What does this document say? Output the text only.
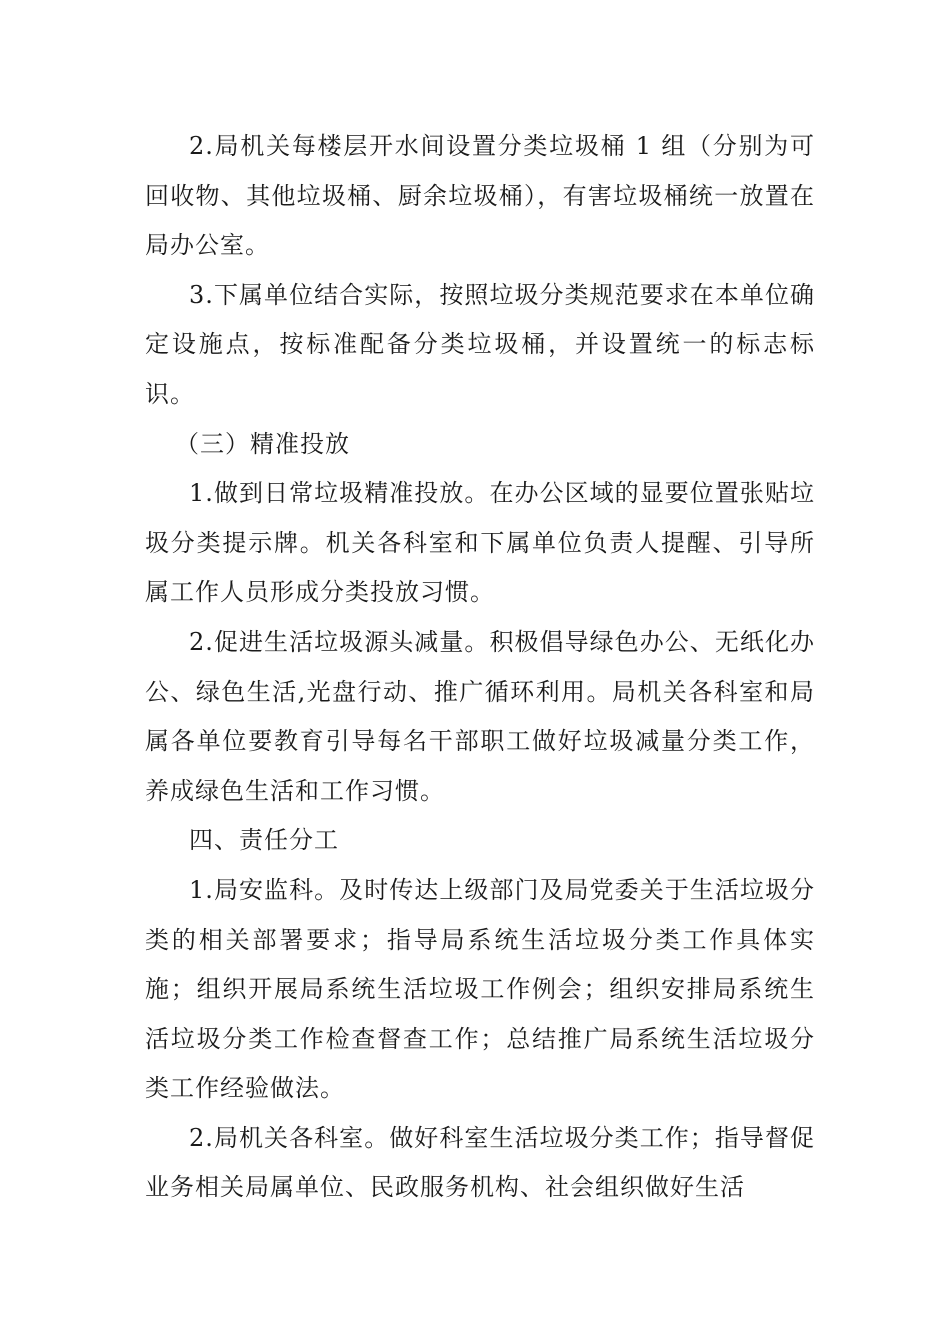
2.局机关每楼层开水间设置分类垃圾桶 1 组（分别为可回收物、其他垃圾桶、厨余垃圾桶），有害垃圾桶统一放置在局办公室。

3.下属单位结合实际，按照垃圾分类规范要求在本单位确定设施点，按标准配备分类垃圾桶，并设置统一的标志标识。

（三）精准投放

1.做到日常垃圾精准投放。在办公区域的显要位置张贴垃圾分类提示牌。机关各科室和下属单位负责人提醒、引导所属工作人员形成分类投放习惯。

2.促进生活垃圾源头减量。积极倡导绿色办公、无纸化办公、绿色生活,光盘行动、推广循环利用。局机关各科室和局属各单位要教育引导每名干部职工做好垃圾减量分类工作，养成绿色生活和工作习惯。

四、责任分工

1.局安监科。及时传达上级部门及局党委关于生活垃圾分类的相关部署要求；指导局系统生活垃圾分类工作具体实施；组织开展局系统生活垃圾工作例会；组织安排局系统生活垃圾分类工作检查督查工作；总结推广局系统生活垃圾分类工作经验做法。

2.局机关各科室。做好科室生活垃圾分类工作；指导督促业务相关局属单位、民政服务机构、社会组织做好生活
